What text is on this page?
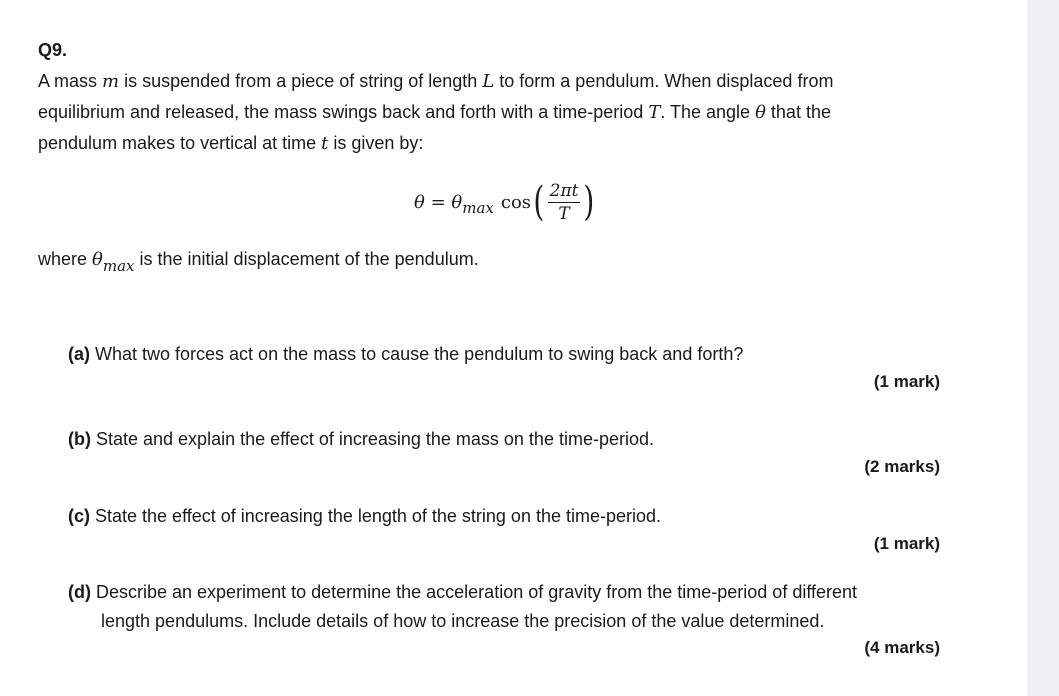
Q9.
A mass m is suspended from a piece of string of length L to form a pendulum. When displaced from
equilibrium and released, the mass swings back and forth with a time-period T. The angle θ that the
pendulum makes to vertical at time t is given by:
θ = θ max cos ( $\frac{2\pi t}{T}$ )
where $\theta_{max}$ is the initial displacement of the pendulum.
(a) What two forces act on the mass to cause the pendulum to swing back and forth?
(1 mark)
(b) State and explain the effect of increasing the mass on the time-period.
(2 marks)
(c) State the effect of increasing the length of the string on the time-period.
(1 mark)
(d) Describe an experiment to determine the acceleration of gravity from the time-period of different
length pendulums. Include details of how to increase the precision of the value determined.
(4 marks)
